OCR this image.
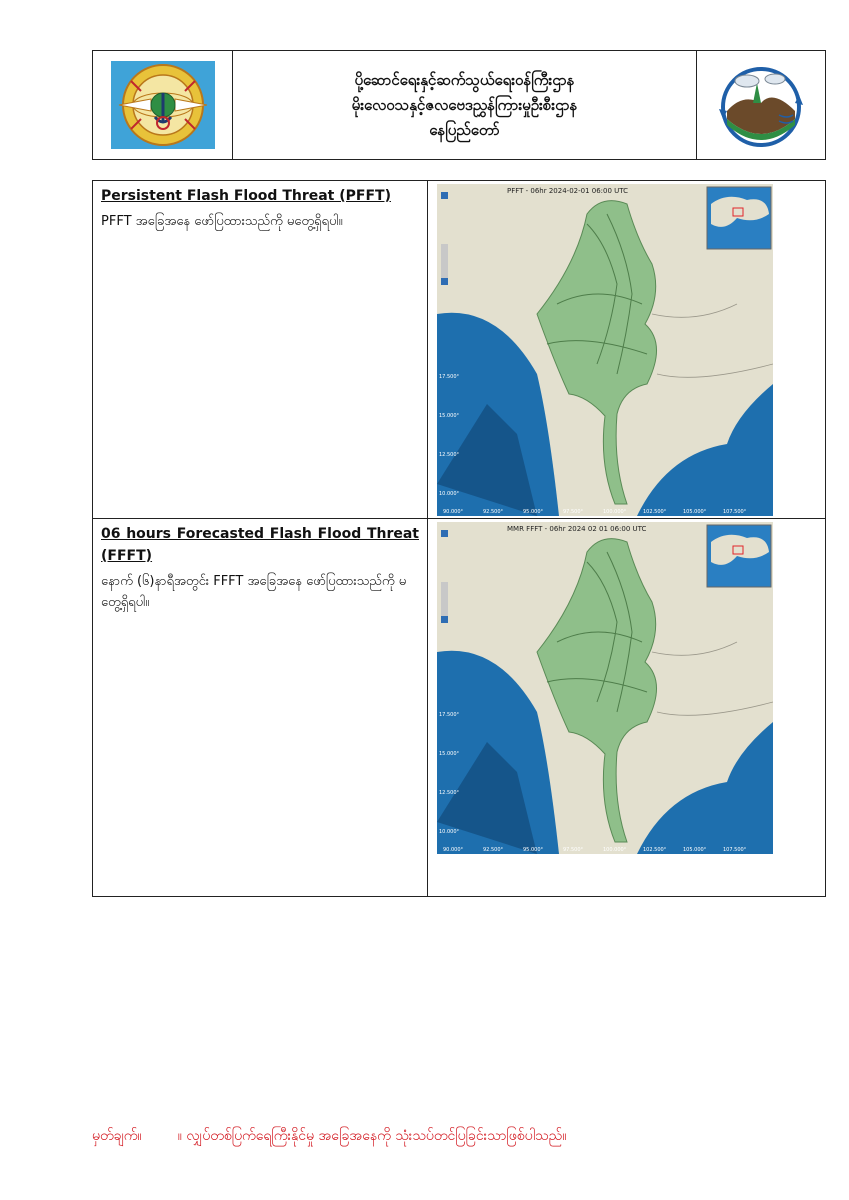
ပို့ဆောင်ရေးနှင့်ဆက်သွယ်ရေးဝန်ကြီးဌာန
မိုးလေဝသနှင့်ဇလဗေဒညွှန်ကြားမှုဦးစီးဌာန
နေပြည်တော်
Persistent Flash Flood Threat (PFFT)

PFFT အခြေအနေ ဖော်ပြထားသည်ကို မတွေ့ရှိရပါ။

PFFT - 06hr 2024-02-01 06:00 UTC
17.500°
15.000°
12.500°
10.000°
90.000°	92.500°	95.000°	97.500°	100.000°	102.500°	105.000°	107.500°
06 hours Forecasted Flash Flood Threat (FFFT)

နောက် (၆)နာရီအတွင်း FFFT အခြေအနေ ဖော်ပြထားသည်ကို မတွေ့ရှိရပါ။

MMR FFFT - 06hr 2024 02 01 06:00 UTC
17.500°
15.000°
12.500°
10.000°
90.000°	92.500°	95.000°	97.500°	100.000°	102.500°	105.000°	107.500°
မှတ်ချက်။	။ လျှပ်တစ်ပြက်ရေကြီးနိုင်မှု အခြေအနေကို သုံးသပ်တင်ပြခြင်းသာဖြစ်ပါသည်။
